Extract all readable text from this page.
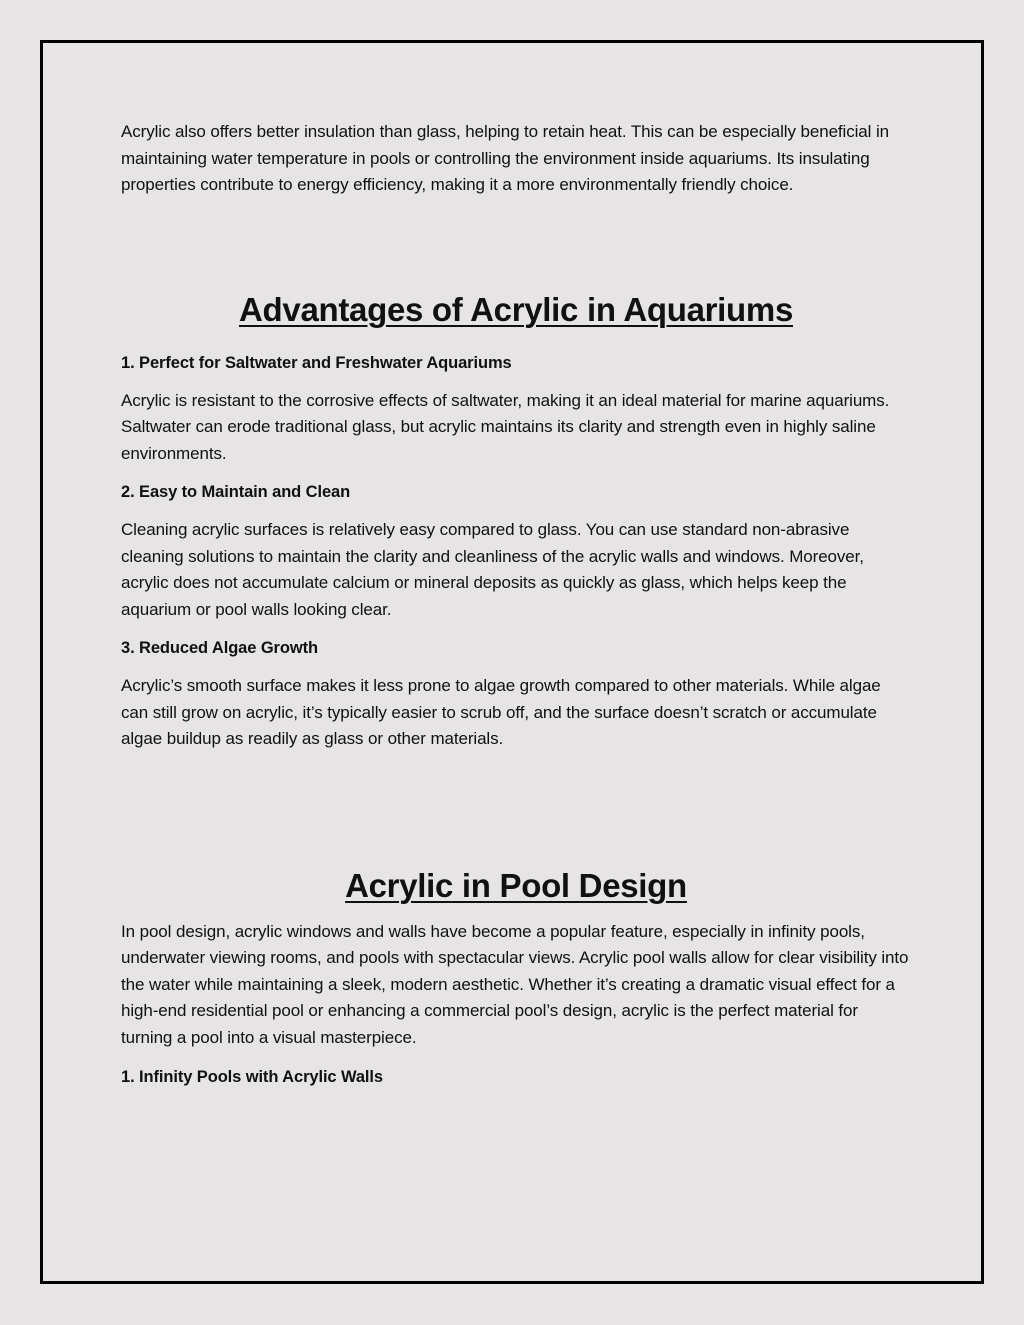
Acrylic also offers better insulation than glass, helping to retain heat. This can be especially beneficial in maintaining water temperature in pools or controlling the environment inside aquariums. Its insulating properties contribute to energy efficiency, making it a more environmentally friendly choice.

Advantages of Acrylic in Aquariums

1. Perfect for Saltwater and Freshwater Aquariums

Acrylic is resistant to the corrosive effects of saltwater, making it an ideal material for marine aquariums. Saltwater can erode traditional glass, but acrylic maintains its clarity and strength even in highly saline environments.

2. Easy to Maintain and Clean

Cleaning acrylic surfaces is relatively easy compared to glass. You can use standard non-abrasive cleaning solutions to maintain the clarity and cleanliness of the acrylic walls and windows. Moreover, acrylic does not accumulate calcium or mineral deposits as quickly as glass, which helps keep the aquarium or pool walls looking clear.

3. Reduced Algae Growth

Acrylic’s smooth surface makes it less prone to algae growth compared to other materials. While algae can still grow on acrylic, it’s typically easier to scrub off, and the surface doesn’t scratch or accumulate algae buildup as readily as glass or other materials.

Acrylic in Pool Design

In pool design, acrylic windows and walls have become a popular feature, especially in infinity pools, underwater viewing rooms, and pools with spectacular views. Acrylic pool walls allow for clear visibility into the water while maintaining a sleek, modern aesthetic. Whether it’s creating a dramatic visual effect for a high-end residential pool or enhancing a commercial pool’s design, acrylic is the perfect material for turning a pool into a visual masterpiece.

1. Infinity Pools with Acrylic Walls
